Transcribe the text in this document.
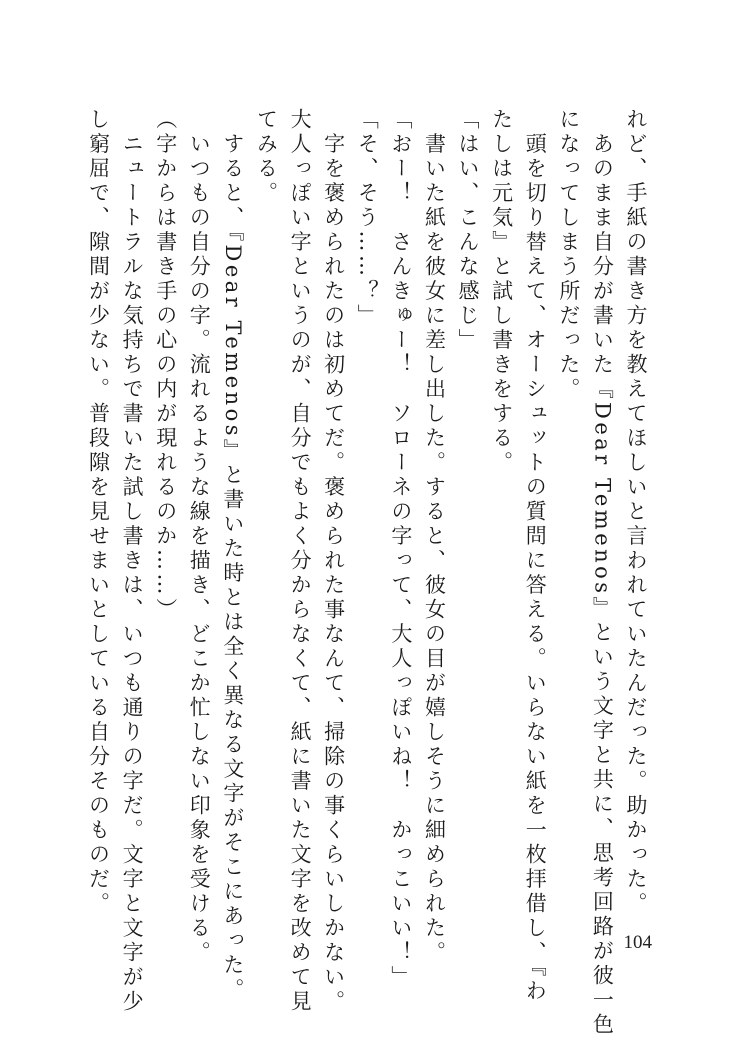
れど、手紙の書き方を教えてほしいと言われていたんだった。助かった。

　あのまま自分が書いた『Dear Temenos』という文字と共に、思考回路が彼一色

になってしまう所だった。

　頭を切り替えて、オーシュットの質問に答える。いらない紙を一枚拝借し、『わ

たしは元気』と試し書きをする。

「はい、こんな感じ」

　書いた紙を彼女に差し出した。すると、彼女の目が嬉しそうに細められた。

「おー！　さんきゅー！　ソローネの字って、大人っぽいね！　かっこいい！」

「そ、そう……？」

　字を褒められたのは初めてだ。褒められた事なんて、掃除の事くらいしかない。

大人っぽい字というのが、自分でもよく分からなくて、紙に書いた文字を改めて見

てみる。

　すると、『Dear Temenos』と書いた時とは全く異なる文字がそこにあった。

　いつもの自分の字。流れるような線を描き、どこか忙しない印象を受ける。

（字からは書き手の心の内が現れるのか……）

　ニュートラルな気持ちで書いた試し書きは、いつも通りの字だ。文字と文字が少

し窮屈で、隙間が少ない。普段隙を見せまいとしている自分そのものだ。

104
